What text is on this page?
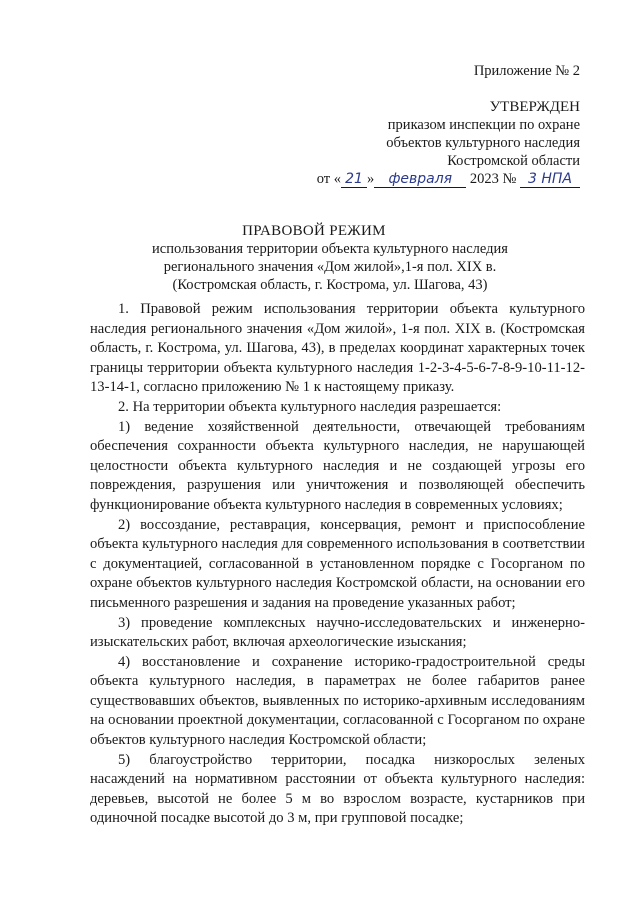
Приложение № 2
УТВЕРЖДЕН
приказом инспекции по охране
объектов культурного наследия
Костромской области
от « 21 » февраля 2023 № 3 НПА
ПРАВОВОЙ РЕЖИМ
использования территории объекта культурного наследия
регионального значения «Дом жилой»,1-я пол. XIX в.
(Костромская область, г. Кострома, ул. Шагова, 43)

1. Правовой режим использования территории объекта культурного наследия регионального значения «Дом жилой», 1-я пол. XIX в. (Костромская область, г. Кострома, ул. Шагова, 43), в пределах координат характерных точек границы территории объекта культурного наследия 1-2-3-4-5-6-7-8-9-10-11-12-13-14-1, согласно приложению № 1 к настоящему приказу.

2. На территории объекта культурного наследия разрешается:

1) ведение хозяйственной деятельности, отвечающей требованиям обеспечения сохранности объекта культурного наследия, не нарушающей целостности объекта культурного наследия и не создающей угрозы его повреждения, разрушения или уничтожения и позволяющей обеспечить функционирование объекта культурного наследия в современных условиях;

2) воссоздание, реставрация, консервация, ремонт и приспособление объекта культурного наследия для современного использования в соответствии с документацией, согласованной в установленном порядке с Госорганом по охране объектов культурного наследия Костромской области, на основании его письменного разрешения и задания на проведение указанных работ;

3) проведение комплексных научно-исследовательских и инженерно-изыскательских работ, включая археологические изыскания;

4) восстановление и сохранение историко-градостроительной среды объекта культурного наследия, в параметрах не более габаритов ранее существовавших объектов, выявленных по историко-архивным исследованиям на основании проектной документации, согласованной с Госорганом по охране объектов культурного наследия Костромской области;

5) благоустройство территории, посадка низкорослых зеленых насаждений на нормативном расстоянии от объекта культурного наследия: деревьев, высотой не более 5 м во взрослом возрасте, кустарников при одиночной посадке высотой до 3 м, при групповой посадке;
